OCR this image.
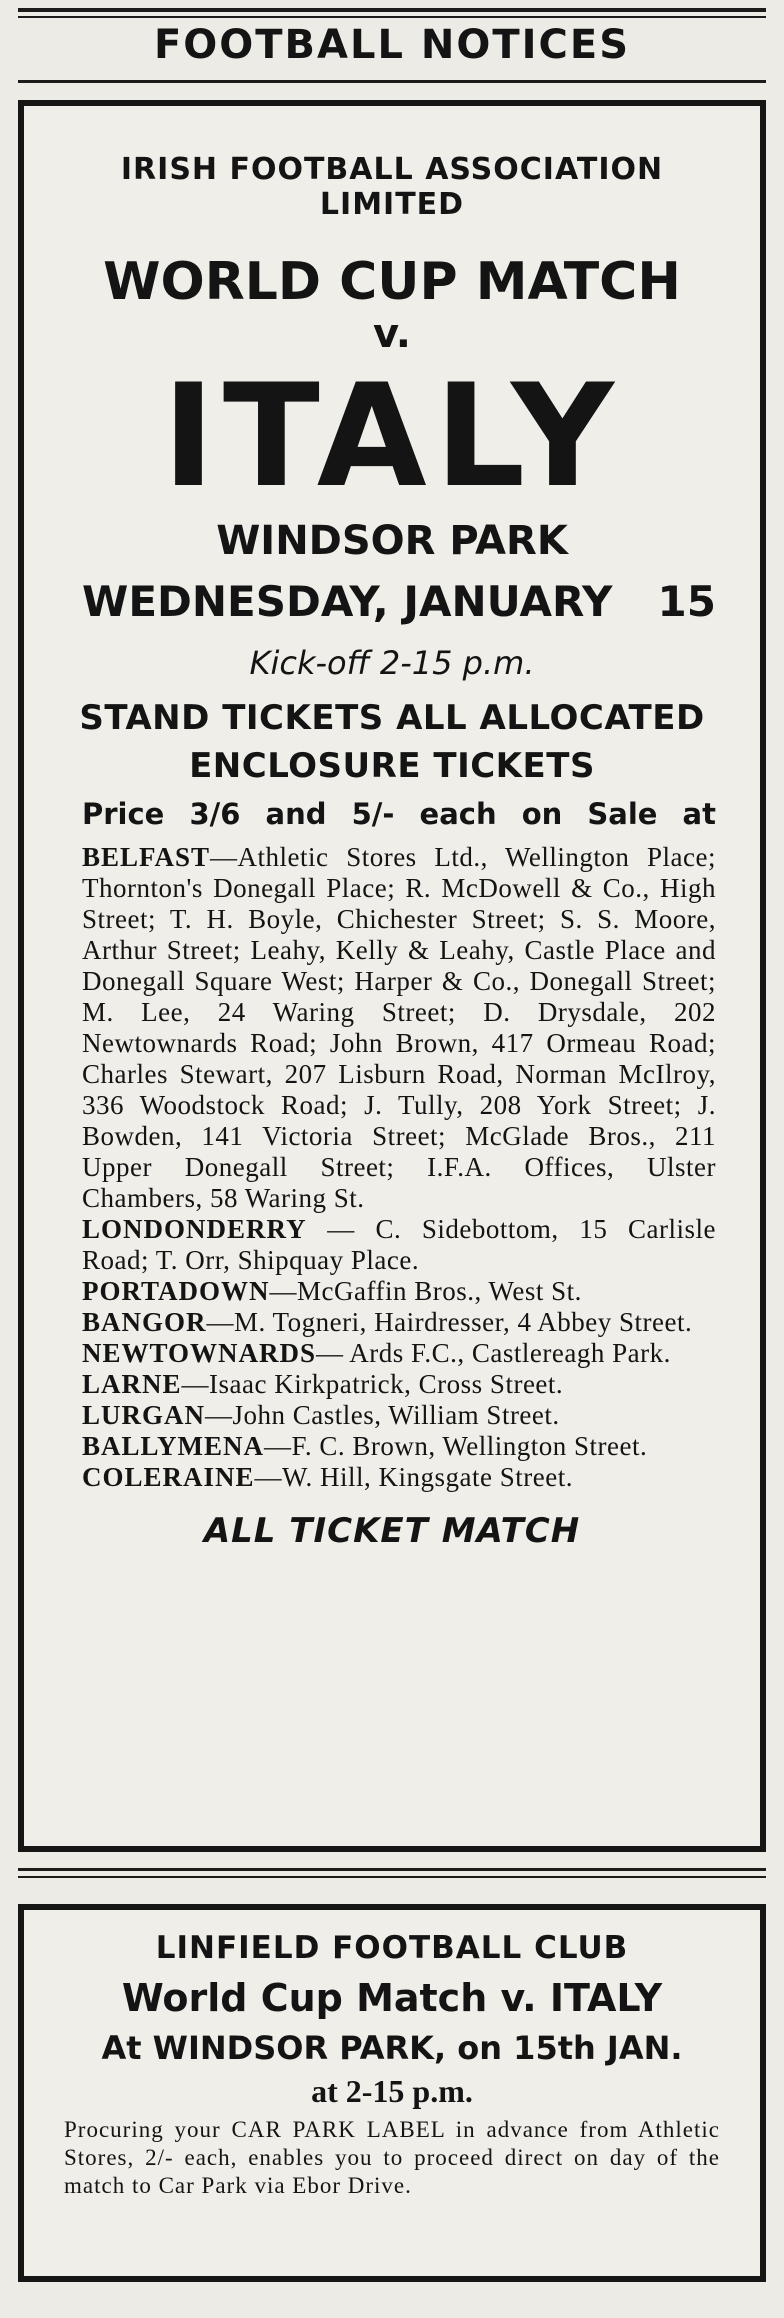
FOOTBALL NOTICES

IRISH FOOTBALL ASSOCIATION

LIMITED

WORLD CUP MATCH

v.

ITALY

WINDSOR PARK

WEDNESDAY, JANUARY 15

Kick-off 2-15 p.m.

STAND TICKETS ALL ALLOCATED

ENCLOSURE TICKETS

Price 3/6 and 5/- each on Sale at

BELFAST—Athletic Stores Ltd., Wellington Place; Thornton's Donegall Place; R. McDowell & Co., High Street; T. H. Boyle, Chichester Street; S. S. Moore, Arthur Street; Leahy, Kelly & Leahy, Castle Place and Donegall Square West; Harper & Co., Donegall Street; M. Lee, 24 Waring Street; D. Drysdale, 202 Newtownards Road; John Brown, 417 Ormeau Road; Charles Stewart, 207 Lisburn Road, Norman McIlroy, 336 Woodstock Road; J. Tully, 208 York Street; J. Bowden, 141 Victoria Street; McGlade Bros., 211 Upper Donegall Street; I.F.A. Offices, Ulster Chambers, 58 Waring St.
LONDONDERRY — C. Sidebottom, 15 Carlisle Road; T. Orr, Shipquay Place.
PORTADOWN—McGaffin Bros., West St.
BANGOR—M. Togneri, Hairdresser, 4 Abbey Street.
NEWTOWNARDS— Ards F.C., Castlereagh Park.
LARNE—Isaac Kirkpatrick, Cross Street.
LURGAN—John Castles, William Street.
BALLYMENA—F. C. Brown, Wellington Street.
COLERAINE—W. Hill, Kingsgate Street.

ALL TICKET MATCH

LINFIELD FOOTBALL CLUB

World Cup Match v. ITALY

At WINDSOR PARK, on 15th JAN.

at 2-15 p.m.

Procuring your CAR PARK LABEL in advance from Athletic Stores, 2/- each, enables you to proceed direct on day of the match to Car Park via Ebor Drive.
